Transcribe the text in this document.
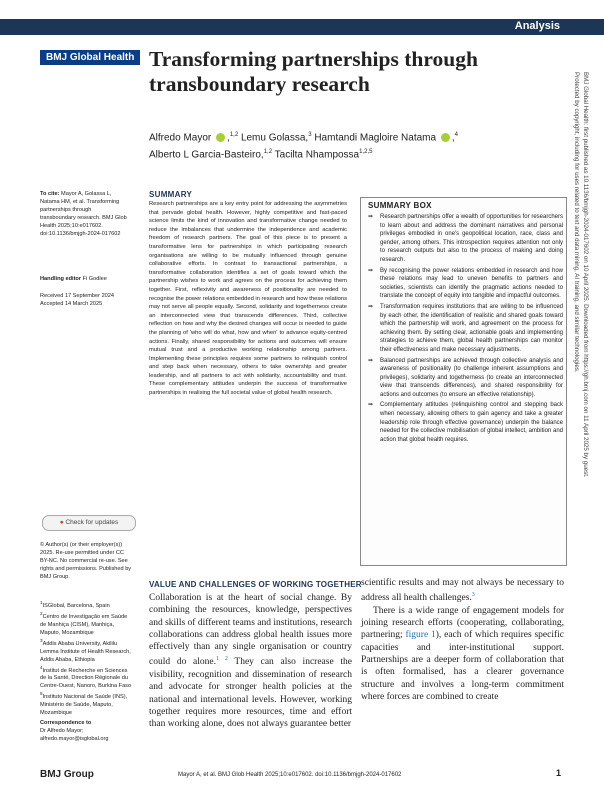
Analysis
BMJ Global Health Transforming partnerships through
transboundary research
Alfredo Mayor ,$^{1,2}$ Lemu Golassa,$^3$ Hamtandi Magloire Natama ,$^4$
Alberto L Garcia-Basteiro,$^{1,2}$ Tacilta Nhampossa$^{1,2,5}$
To cite: Mayor A, Golassa L, Natama HM, et al. Transforming partnerships through transboundary research. BMJ Glob Health 2025;10:e017602. doi:10.1136/bmjgh-2024-017602
Handling editor Fi Godlee
Received 17 September 2024
Accepted 14 March 2025
● Check for updates
© Author(s) (or their employer(s)) 2025. Re-use permitted under CC BY-NC. No commercial re-use. See rights and permissions. Published by BMJ Group.
$^1$ISGlobal, Barcelona, Spain
$^2$Centro de Investigação em Saúde de Manhiça (CISM), Manhiça, Maputo, Mozambique
$^3$Addis Ababa University, Akililu Lemma Institute of Health Research, Addis Ababa, Ethiopia
$^4$Institut de Recherche en Sciences de la Santé, Direction Régionale du Centre-Ouest, Nanoro, Burkina Faso
$^5$Instituto Nacional de Saúde (INS), Ministério de Saúde, Maputo, Mozambique
Correspondence to
Dr Alfredo Mayor;
alfredo.mayor@isglobal.org
SUMMARY
Research partnerships are a key entry point for addressing the asymmetries that pervade global health. However, highly competitive and fast-paced science limits the kind of innovation and transformative change needed to reduce the imbalances that undermine the independence and academic freedom of research partners. The goal of this piece is to present a transformative lens for partnerships in which participating research organisations are willing to be mutually influenced through genuine collaborative efforts. In contrast to transactional partnerships, a transformative collaboration identifies a set of goals toward which the partnership wishes to work and agrees on the process for achieving them together. First, reflexivity and awareness of positionality are needed to recognise the power relations embedded in research and how these relations may not serve all people equally. Second, solidarity and togetherness create an interconnected view that transcends differences. Third, collective reflection on how and why the desired changes will occur is needed to guide the planning of 'who will do what, how and when' to advance equity-centred actions. Finally, shared responsibility for actions and outcomes will ensure mutual trust and a productive working relationship among partners. Implementing these principles requires some partners to relinquish control and step back when necessary, others to take ownership and greater leadership, and all partners to act with solidarity, accountability and trust. These complementary attitudes underpin the success of transformative partnerships in realising the full societal value of global health research.
SUMMARY BOX
➡ Research partnerships offer a wealth of opportunities for researchers to learn about and address the dominant narratives and personal privileges embodied in one's geopolitical location, race, class and gender, among others. This introspection requires attention not only to research outputs but also to the process of making and doing research.
➡ By recognising the power relations embedded in research and how these relations may lead to uneven benefits to partners and societies, scientists can identify the pragmatic actions needed to translate the concept of equity into tangible and impactful outcomes.
➡ Transformation requires institutions that are willing to be influenced by each other, the identification of realistic and shared goals toward which the partnership will work, and agreement on the process for achieving them. By setting clear, actionable goals and implementing strategies to achieve them, global health partnerships can monitor their effectiveness and make necessary adjustments.
➡ Balanced partnerships are achieved through collective analysis and awareness of positionality (to challenge inherent assumptions and privileges), solidarity and togetherness (to create an interconnected view that transcends differences), and shared responsibility for actions and outcomes (to ensure an effective relationship).
➡ Complementary attitudes (relinquishing control and stepping back when necessary, allowing others to gain agency and take a greater leadership role through effective governance) underpin the balance needed for the collective mobilisation of global intellect, ambition and action that global health requires.
VALUE AND CHALLENGES OF WORKING TOGETHER
Collaboration is at the heart of social change. By combining the resources, knowledge, perspectives and skills of different teams and institutions, research collaborations can address global health issues more effectively than any single organisation or country could do alone.$^{1 2}$ They can also increase the visibility, recognition and dissemination of research and advocate for stronger health policies at the national and international levels. However, working together requires more resources, time and effort than working alone, does not always guarantee better

scientific results and may not always be necessary to address all health challenges.$^3$

There is a wide range of engagement models for joining research efforts (cooperating, collaborating, partnering; figure 1), each of which requires specific capacities and inter-institutional support. Partnerships are a deeper form of collaboration that is often formalised, has a clearer governance structure and involves a long-term commitment where forces are combined to create

BMJ Group	Mayor A, et al. BMJ Glob Health 2025;10:e017602. doi:10.1136/bmjgh-2024-017602	1
BMJ Global Health: first published as 10.1136/bmjgh-2024-017602 on 10 April 2025. Downloaded from https://gh.bmj.com on 11 April 2025 by guest.
Protected by copyright, including for uses related to text and data mining, AI training, and similar technologies.
